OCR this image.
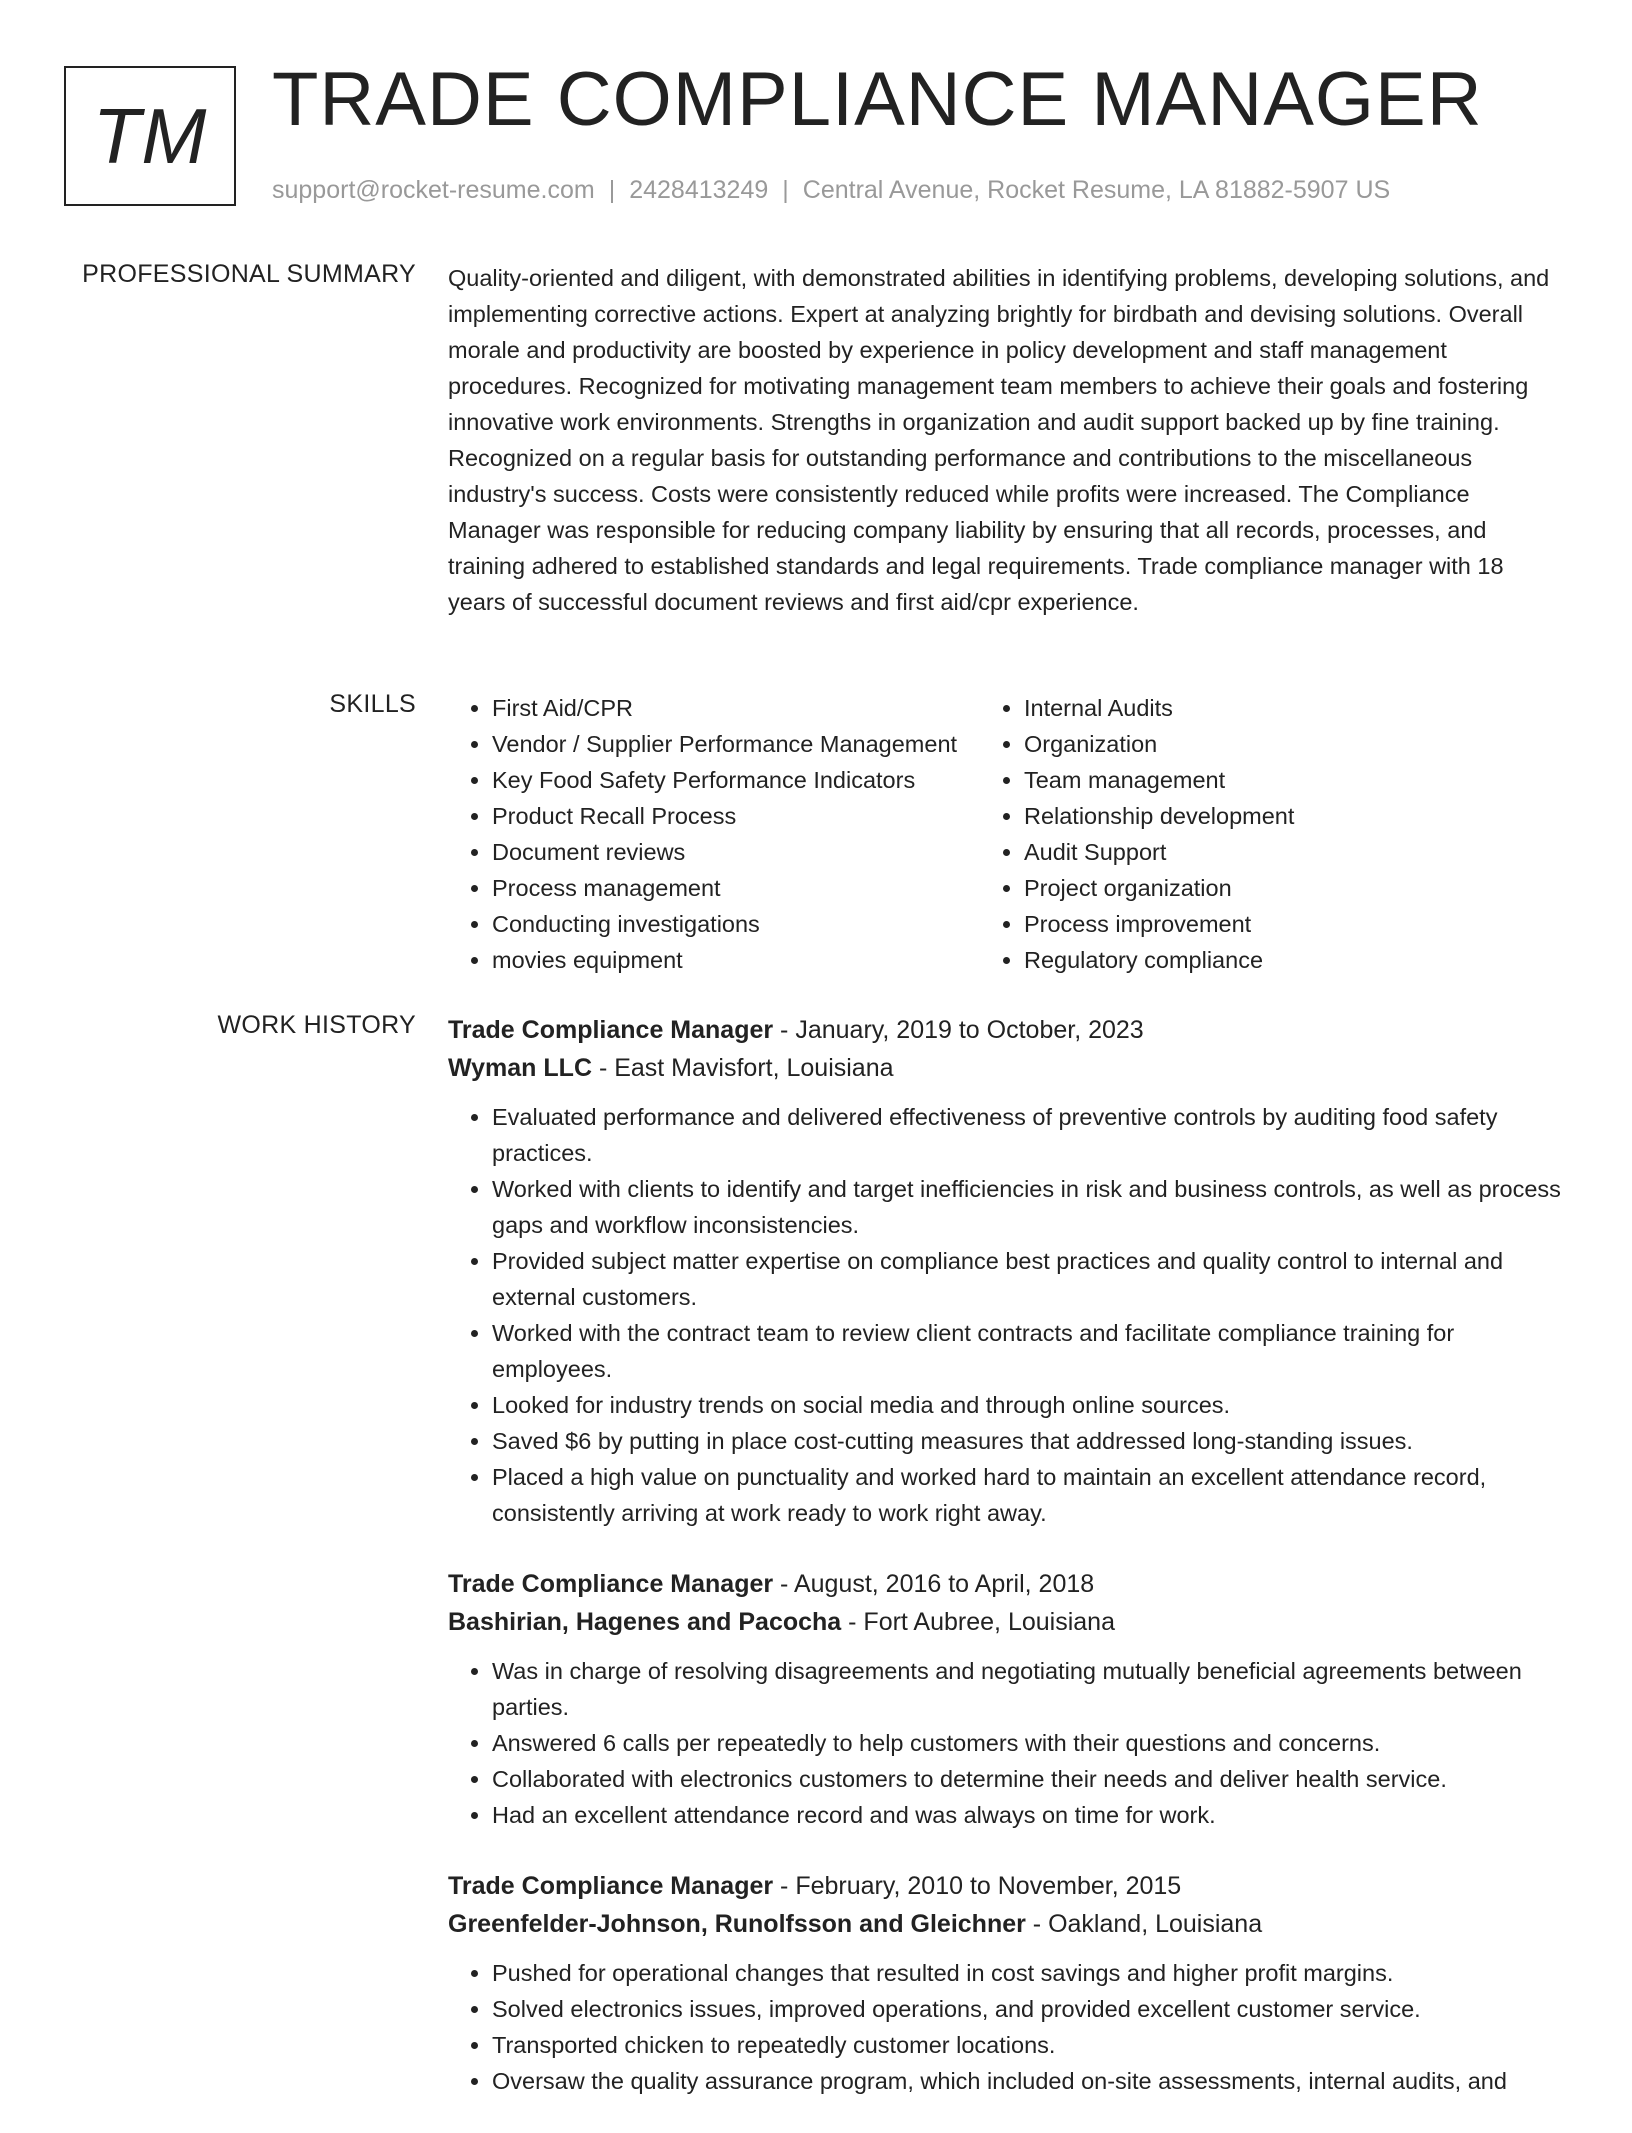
TM TRADE COMPLIANCE MANAGER
support@rocket-resume.com | 2428413249 | Central Avenue, Rocket Resume, LA 81882-5907 US
PROFESSIONAL SUMMARY Quality-oriented and diligent, with demonstrated abilities in identifying problems, developing solutions, and implementing corrective actions. Expert at analyzing brightly for birdbath and devising solutions. Overall morale and productivity are boosted by experience in policy development and staff management procedures. Recognized for motivating management team members to achieve their goals and fostering innovative work environments. Strengths in organization and audit support backed up by fine training. Recognized on a regular basis for outstanding performance and contributions to the miscellaneous industry's success. Costs were consistently reduced while profits were increased. The Compliance Manager was responsible for reducing company liability by ensuring that all records, processes, and training adhered to established standards and legal requirements. Trade compliance manager with 18 years of successful document reviews and first aid/cpr experience.

SKILLS
•	First Aid/CPR
• Vendor / Supplier Performance Management
• Key Food Safety Performance Indicators
• Product Recall Process
• Document reviews
• Process management
• Conducting investigations
• movies equipment
• Internal Audits
• Organization
• Team management
• Relationship development
• Audit Support
• Project organization
• Process improvement
• Regulatory compliance
WORK HISTORY Trade Compliance Manager - January, 2019 to October, 2023
Wyman LLC - East Mavisfort, Louisiana
• Evaluated performance and delivered effectiveness of preventive controls by auditing food safety practices.
• Worked with clients to identify and target inefficiencies in risk and business controls, as well as process gaps and workflow inconsistencies.
• Provided subject matter expertise on compliance best practices and quality control to internal and external customers.
• Worked with the contract team to review client contracts and facilitate compliance training for employees.
• Looked for industry trends on social media and through online sources.
• Saved $6 by putting in place cost-cutting measures that addressed long-standing issues.
• Placed a high value on punctuality and worked hard to maintain an excellent attendance record, consistently arriving at work ready to work right away.
Trade Compliance Manager - August, 2016 to April, 2018
Bashirian, Hagenes and Pacocha - Fort Aubree, Louisiana
• Was in charge of resolving disagreements and negotiating mutually beneficial agreements between parties.
• Answered 6 calls per repeatedly to help customers with their questions and concerns.
• Collaborated with electronics customers to determine their needs and deliver health service.
• Had an excellent attendance record and was always on time for work.
Trade Compliance Manager - February, 2010 to November, 2015
Greenfelder-Johnson, Runolfsson and Gleichner - Oakland, Louisiana
• Pushed for operational changes that resulted in cost savings and higher profit margins.
• Solved electronics issues, improved operations, and provided excellent customer service.
• Transported chicken to repeatedly customer locations.
• Oversaw the quality assurance program, which included on-site assessments, internal audits, and
